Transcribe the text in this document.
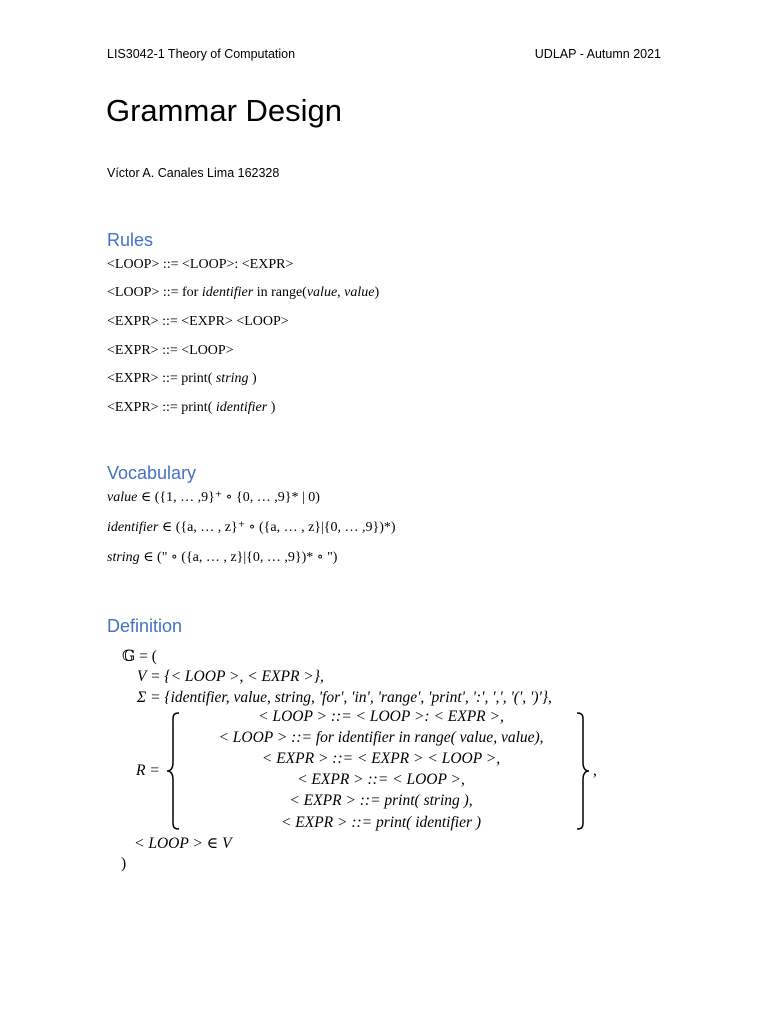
LIS3042-1 Theory of Computation	UDLAP - Autumn 2021
Grammar Design
Víctor A. Canales Lima 162328
Rules
<LOOP> ::= <LOOP>: <EXPR>
<LOOP> ::= for identifier in range(value, value)
<EXPR> ::= <EXPR> <LOOP>
<EXPR> ::= <LOOP>
<EXPR> ::= print( string )
<EXPR> ::= print( identifier )
Vocabulary
value ∈ ({1, … ,9}⁺ ∘ {0, … ,9}* | 0)
identifier ∈ ({a, … , z}⁺ ∘ ({a, … , z}|{0, … ,9})*)
string ∈ (" ∘ ({a, … , z}|{0, … ,9})* ∘ ")
Definition
𝔾 = (
V = {< LOOP >, < EXPR >},
Σ = {identifier, value, string, 'for', 'in', 'range', 'print', ':', ',', '(', ')'},
R =
< LOOP > ::= < LOOP >: < EXPR >,
< LOOP > ::= for identifier in range( value, value),
< EXPR > ::= < EXPR > < LOOP >,
< EXPR > ::= < LOOP >,
< EXPR > ::= print( string ),
< EXPR > ::= print( identifier )
,
< LOOP > ∈ V
)
